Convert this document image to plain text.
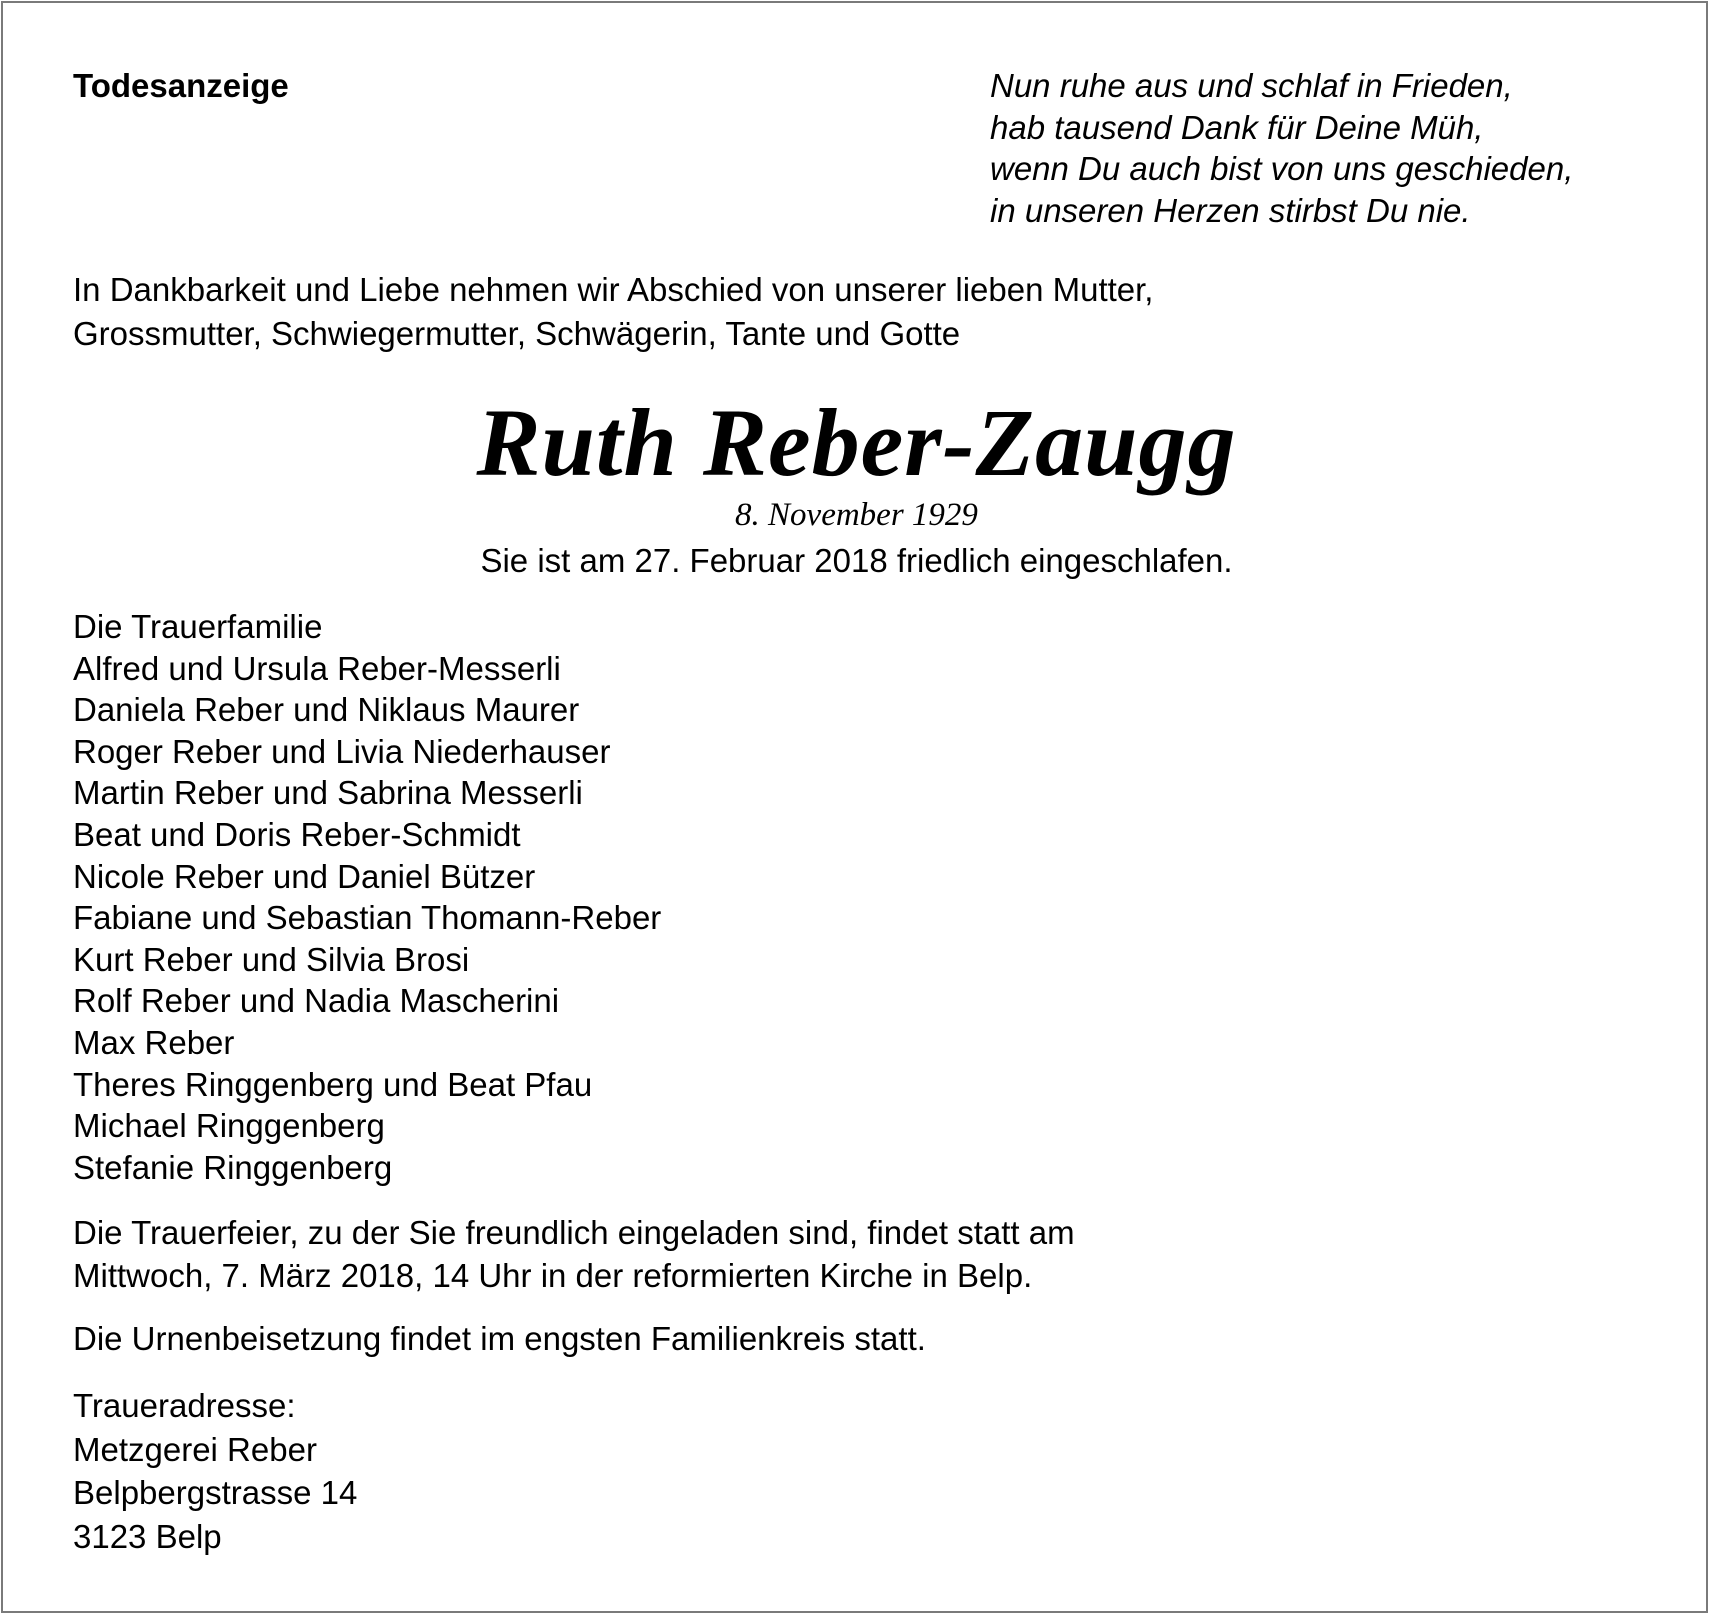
Todesanzeige	Nun ruhe aus und schlaf in Frieden,
hab tausend Dank für Deine Müh,
wenn Du auch bist von uns geschieden,
in unseren Herzen stirbst Du nie.
In Dankbarkeit und Liebe nehmen wir Abschied von unserer lieben Mutter,
Grossmutter, Schwiegermutter, Schwägerin, Tante und Gotte
Ruth Reber-Zaugg
8. November 1929
Sie ist am 27. Februar 2018 friedlich eingeschlafen.
Die Trauerfamilie
Alfred und Ursula Reber-Messerli
Daniela Reber und Niklaus Maurer
Roger Reber und Livia Niederhauser
Martin Reber und Sabrina Messerli
Beat und Doris Reber-Schmidt
Nicole Reber und Daniel Bützer
Fabiane und Sebastian Thomann-Reber
Kurt Reber und Silvia Brosi
Rolf Reber und Nadia Mascherini
Max Reber
Theres Ringgenberg und Beat Pfau
Michael Ringgenberg
Stefanie Ringgenberg
Die Trauerfeier, zu der Sie freundlich eingeladen sind, findet statt am
Mittwoch, 7. März 2018, 14 Uhr in der reformierten Kirche in Belp.
Die Urnenbeisetzung findet im engsten Familienkreis statt.
Traueradresse:
Metzgerei Reber
Belpbergstrasse 14
3123 Belp
